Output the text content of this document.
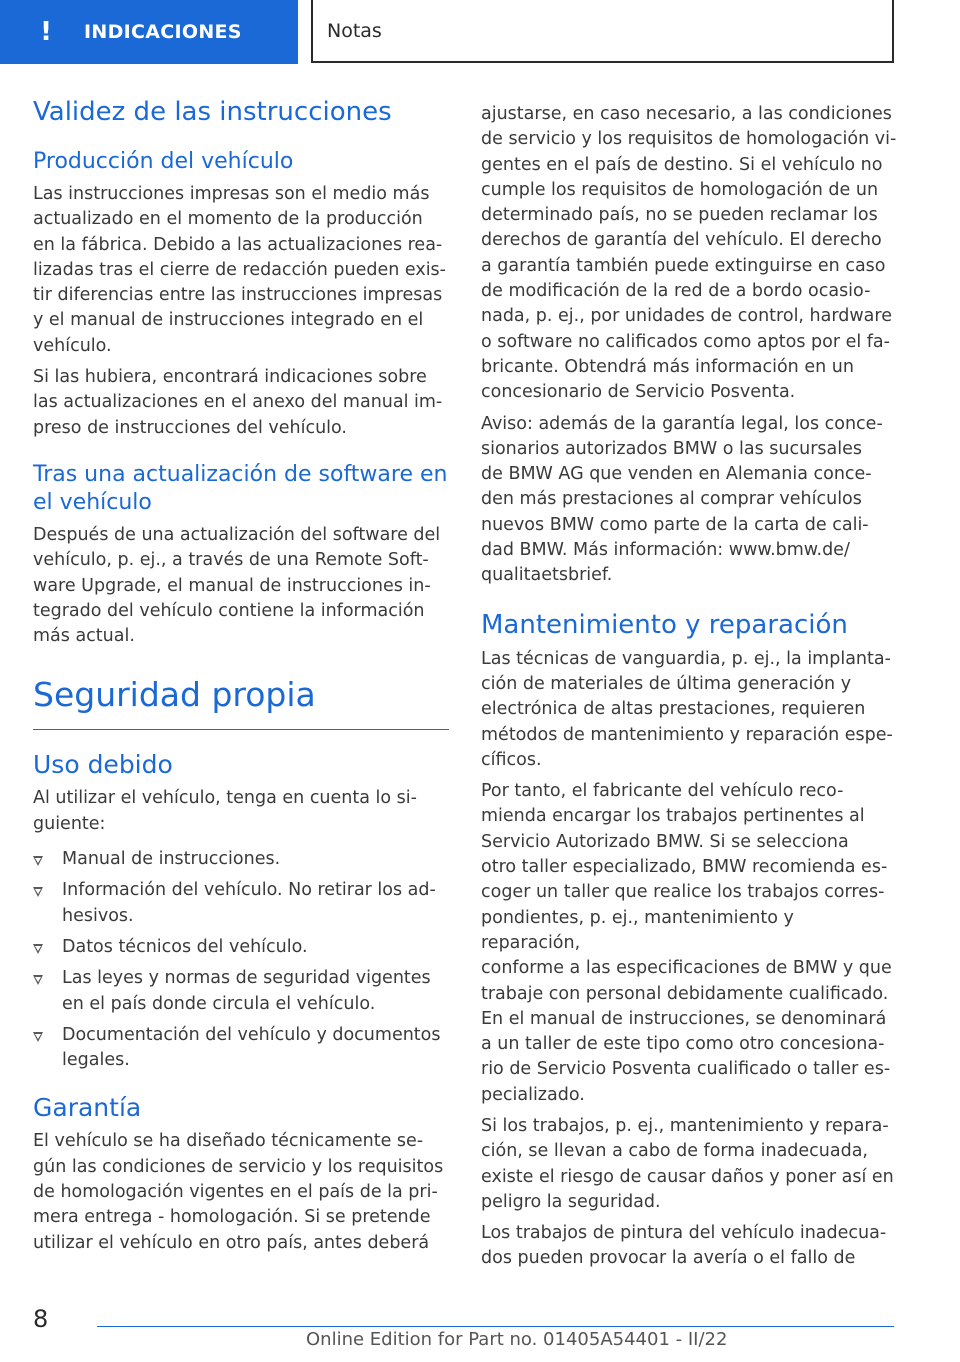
! INDICACIONES	Notas
Validez de las instrucciones
Producción del vehículo

Las instrucciones impresas son el medio más
actualizado en el momento de la producción
en la fábrica. Debido a las actualizaciones rea-
lizadas tras el cierre de redacción pueden exis-
tir diferencias entre las instrucciones impresas
y el manual de instrucciones integrado en el
vehículo.

Si las hubiera, encontrará indicaciones sobre
las actualizaciones en el anexo del manual im-
preso de instrucciones del vehículo.

Tras una actualización de software en
el vehículo

Después de una actualización del software del
vehículo, p. ej., a través de una Remote Soft-
ware Upgrade, el manual de instrucciones in-
tegrado del vehículo contiene la información
más actual.

Seguridad propia
Uso debido

Al utilizar el vehículo, tenga en cuenta lo si-
guiente:

Manual de instrucciones.

Información del vehículo. No retirar los ad-
hesivos.

Datos técnicos del vehículo.

Las leyes y normas de seguridad vigentes
en el país donde circula el vehículo.

Documentación del vehículo y documentos
legales.

Garantía

El vehículo se ha diseñado técnicamente se-
gún las condiciones de servicio y los requisitos
de homologación vigentes en el país de la pri-
mera entrega - homologación. Si se pretende
utilizar el vehículo en otro país, antes deberá

ajustarse, en caso necesario, a las condiciones
de servicio y los requisitos de homologación vi-
gentes en el país de destino. Si el vehículo no
cumple los requisitos de homologación de un
determinado país, no se pueden reclamar los
derechos de garantía del vehículo. El derecho
a garantía también puede extinguirse en caso
de modificación de la red de a bordo ocasio-
nada, p. ej., por unidades de control, hardware
o software no calificados como aptos por el fa-
bricante. Obtendrá más información en un
concesionario de Servicio Posventa.

Aviso: además de la garantía legal, los conce-
sionarios autorizados BMW o las sucursales
de BMW AG que venden en Alemania conce-
den más prestaciones al comprar vehículos
nuevos BMW como parte de la carta de cali-
dad BMW. Más información: www.bmw.de/
qualitaetsbrief.

Mantenimiento y reparación

Las técnicas de vanguardia, p. ej., la implanta-
ción de materiales de última generación y
electrónica de altas prestaciones, requieren
métodos de mantenimiento y reparación espe-
cíficos.

Por tanto, el fabricante del vehículo reco-
mienda encargar los trabajos pertinentes al
Servicio Autorizado BMW. Si se selecciona
otro taller especializado, BMW recomienda es-
coger un taller que realice los trabajos corres-
pondientes, p. ej., mantenimiento y reparación,
conforme a las especificaciones de BMW y que
trabaje con personal debidamente cualificado.
En el manual de instrucciones, se denominará
a un taller de este tipo como otro concesiona-
rio de Servicio Posventa cualificado o taller es-
pecializado.

Si los trabajos, p. ej., mantenimiento y repara-
ción, se llevan a cabo de forma inadecuada,
existe el riesgo de causar daños y poner así en
peligro la seguridad.

Los trabajos de pintura del vehículo inadecua-
dos pueden provocar la avería o el fallo de

8
Online Edition for Part no. 01405A54401 - II/22
